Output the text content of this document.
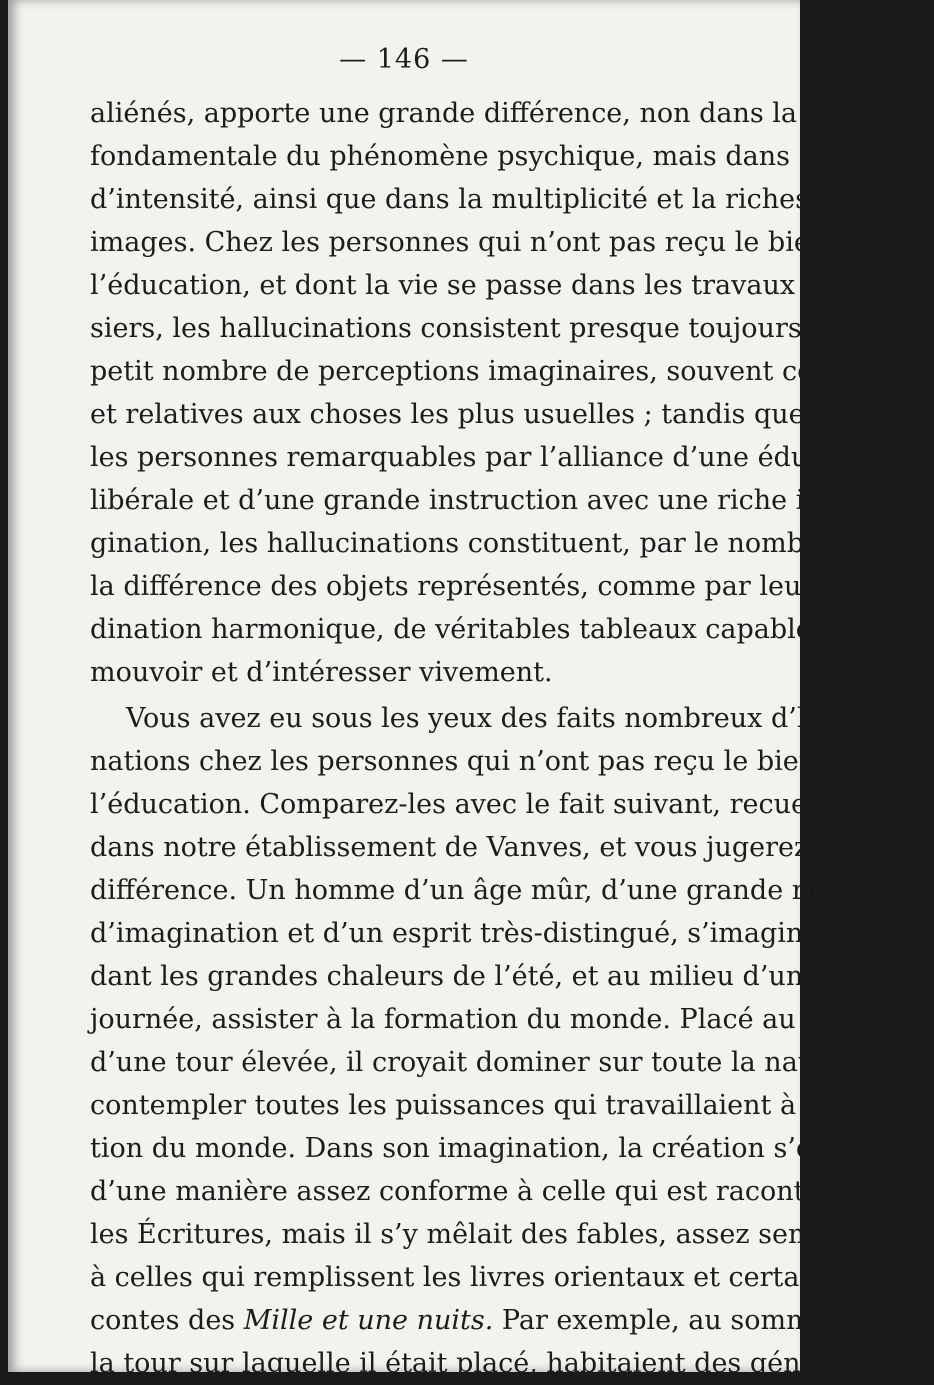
— 146 —
aliénés, apporte une grande différence, non dans la nature
fondamentale du phénomène psychique, mais dans son degré
d’intensité, ainsi que dans la multiplicité et la richesse des
images. Chez les personnes qui n’ont pas reçu le bienfait de
l’éducation, et dont la vie se passe dans les travaux gros-
siers, les hallucinations consistent presque toujours en un
petit nombre de perceptions imaginaires, souvent confuses
et relatives aux choses les plus usuelles ; tandis que, chez
les personnes remarquables par l’alliance d’une éducation
libérale et d’une grande instruction avec une riche ima-
gination, les hallucinations constituent, par le nombre et
la différence des objets représentés, comme par leur coor-
dination harmonique, de véritables tableaux capables d’é-
mouvoir et d’intéresser vivement.
Vous avez eu sous les yeux des faits nombreux d’halluci-
nations chez les personnes qui n’ont pas reçu le bienfait de
l’éducation. Comparez-les avec le fait suivant, recueilli
dans notre établissement de Vanves, et vous jugerez de la
différence. Un homme d’un âge mûr, d’une grande richesse
d’imagination et d’un esprit très-distingué, s’imagina, pen-
dant les grandes chaleurs de l’été, et au milieu d’une belle
journée, assister à la formation du monde. Placé au sommet
d’une tour élevée, il croyait dominer sur toute la nature et
contempler toutes les puissances qui travaillaient à la créa-
tion du monde. Dans son imagination, la création s’opérait
d’une manière assez conforme à celle qui est racontée dans
les Écritures, mais il s’y mêlait des fables, assez semblables
à celles qui remplissent les livres orientaux et certains
contes des Mille et une nuits. Par exemple, au sommet de
la tour sur laquelle il était placé, habitaient des génies et
